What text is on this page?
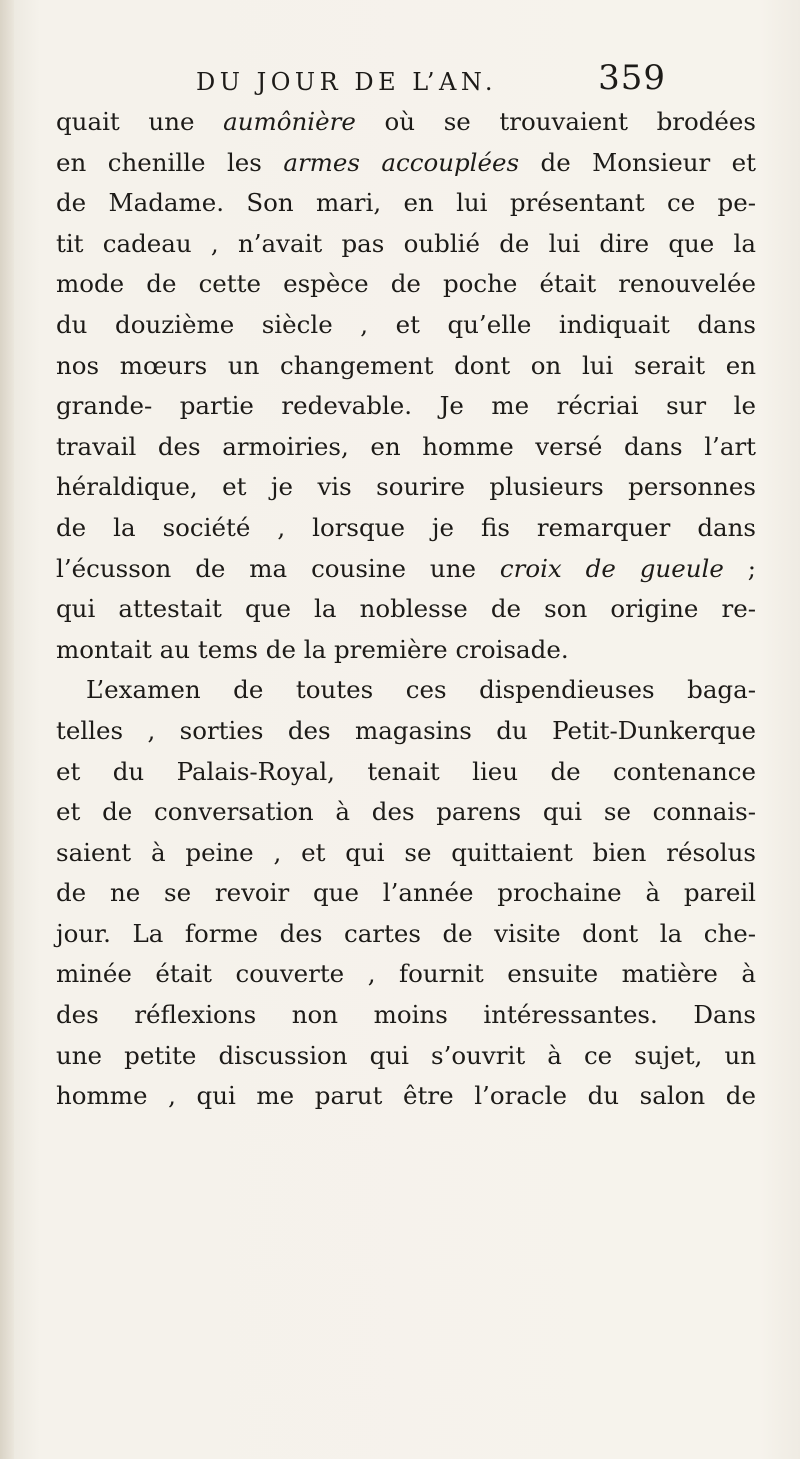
DU JOUR DE L’AN.	359
quait une aumônière où se trouvaient brodées
en chenille les armes accouplées de Monsieur et
de Madame. Son mari, en lui présentant ce pe-
tit cadeau , n’avait pas oublié de lui dire que la
mode de cette espèce de poche était renouvelée
du douzième siècle , et qu’elle indiquait dans
nos mœurs un changement dont on lui serait en
grande- partie redevable. Je me récriai sur le
travail des armoiries, en homme versé dans l’art
héraldique, et je vis sourire plusieurs personnes
de la société , lorsque je fis remarquer dans
l’écusson de ma cousine une croix de gueule ;
qui attestait que la noblesse de son origine re-
montait au tems de la première croisade.
L’examen de toutes ces dispendieuses baga-
telles , sorties des magasins du Petit-Dunkerque
et du Palais-Royal, tenait lieu de contenance
et de conversation à des parens qui se connais-
saient à peine , et qui se quittaient bien résolus
de ne se revoir que l’année prochaine à pareil
jour. La forme des cartes de visite dont la che-
minée était couverte , fournit ensuite matière à
des réflexions non moins intéressantes. Dans
une petite discussion qui s’ouvrit à ce sujet, un
homme , qui me parut être l’oracle du salon de
